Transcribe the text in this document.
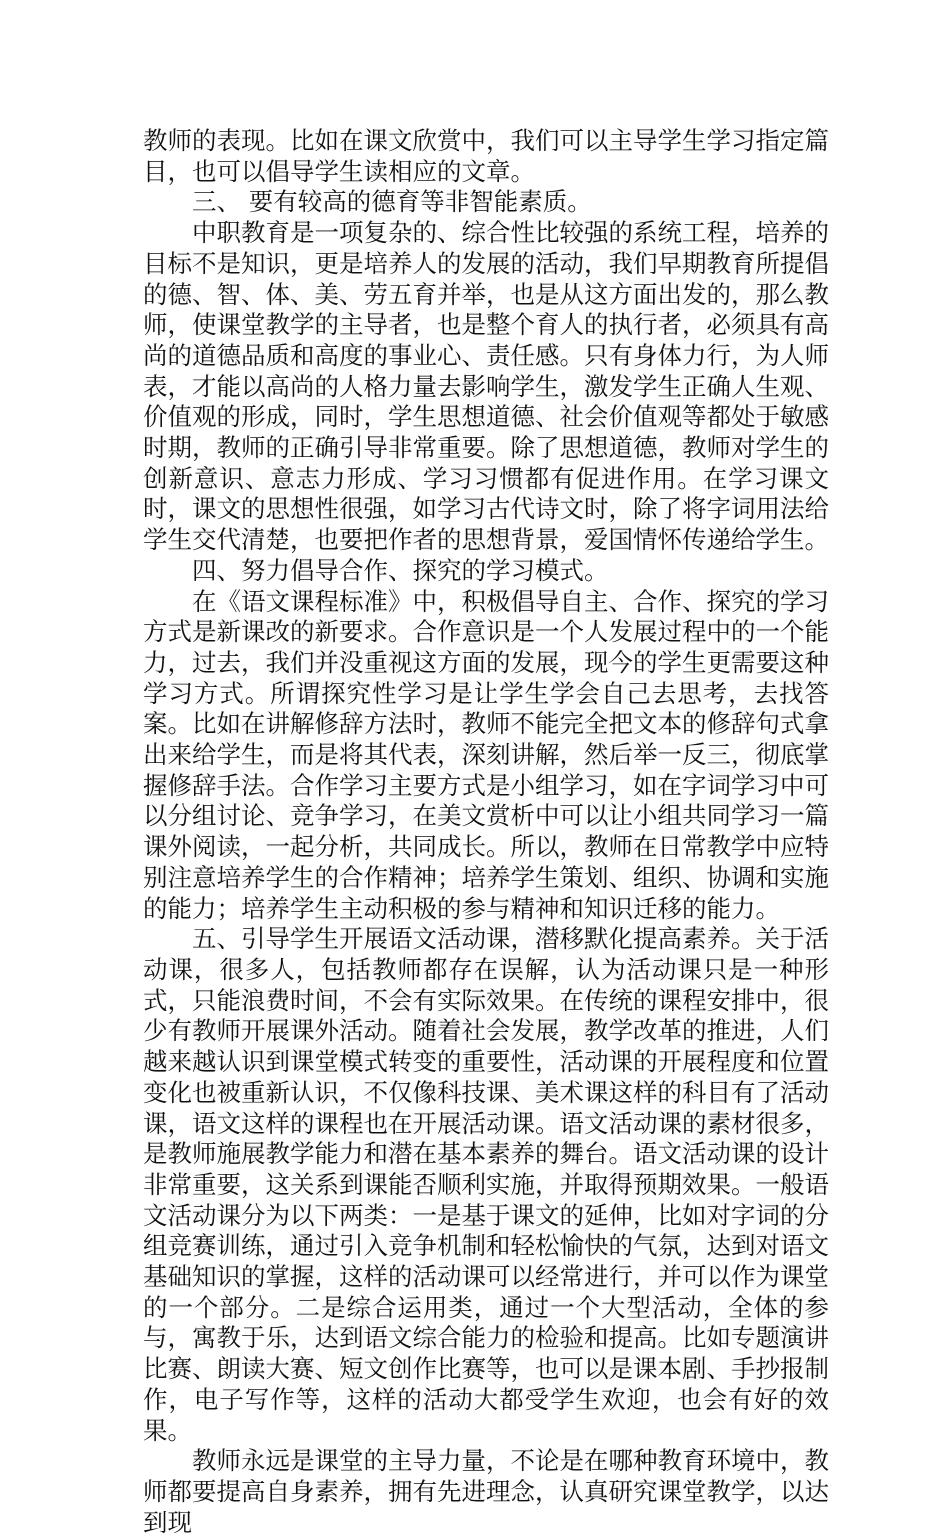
教师的表现。比如在课文欣赏中，我们可以主导学生学习指定篇目，也可以倡导学生读相应的文章。

三、 要有较高的德育等非智能素质。

中职教育是一项复杂的、综合性比较强的系统工程，培养的目标不是知识，更是培养人的发展的活动，我们早期教育所提倡的德、智、体、美、劳五育并举，也是从这方面出发的，那么教师，使课堂教学的主导者，也是整个育人的执行者，必须具有高尚的道德品质和高度的事业心、责任感。只有身体力行，为人师表，才能以高尚的人格力量去影响学生，激发学生正确人生观、价值观的形成，同时，学生思想道德、社会价值观等都处于敏感时期，教师的正确引导非常重要。除了思想道德，教师对学生的创新意识、意志力形成、学习习惯都有促进作用。在学习课文时，课文的思想性很强，如学习古代诗文时，除了将字词用法给学生交代清楚，也要把作者的思想背景，爱国情怀传递给学生。

四、努力倡导合作、探究的学习模式。

在《语文课程标准》中，积极倡导自主、合作、探究的学习方式是新课改的新要求。合作意识是一个人发展过程中的一个能力，过去，我们并没重视这方面的发展，现今的学生更需要这种学习方式。所谓探究性学习是让学生学会自己去思考，去找答案。比如在讲解修辞方法时，教师不能完全把文本的修辞句式拿出来给学生，而是将其代表，深刻讲解，然后举一反三，彻底掌握修辞手法。合作学习主要方式是小组学习，如在字词学习中可以分组讨论、竞争学习，在美文赏析中可以让小组共同学习一篇课外阅读，一起分析，共同成长。所以，教师在日常教学中应特别注意培养学生的合作精神；培养学生策划、组织、协调和实施的能力；培养学生主动积极的参与精神和知识迁移的能力。

五、引导学生开展语文活动课，潜移默化提高素养。关于活动课，很多人，包括教师都存在误解，认为活动课只是一种形式，只能浪费时间，不会有实际效果。在传统的课程安排中，很少有教师开展课外活动。随着社会发展，教学改革的推进，人们越来越认识到课堂模式转变的重要性，活动课的开展程度和位置变化也被重新认识，不仅像科技课、美术课这样的科目有了活动课，语文这样的课程也在开展活动课。语文活动课的素材很多，是教师施展教学能力和潜在基本素养的舞台。语文活动课的设计非常重要，这关系到课能否顺利实施，并取得预期效果。一般语文活动课分为以下两类：一是基于课文的延伸，比如对字词的分组竞赛训练，通过引入竞争机制和轻松愉快的气氛，达到对语文基础知识的掌握，这样的活动课可以经常进行，并可以作为课堂的一个部分。二是综合运用类，通过一个大型活动，全体的参与，寓教于乐，达到语文综合能力的检验和提高。比如专题演讲比赛、朗读大赛、短文创作比赛等，也可以是课本剧、手抄报制作，电子写作等，这样的活动大都受学生欢迎，也会有好的效果。

教师永远是课堂的主导力量，不论是在哪种教育环境中，教师都要提高自身素养，拥有先进理念，认真研究课堂教学，以达到现
